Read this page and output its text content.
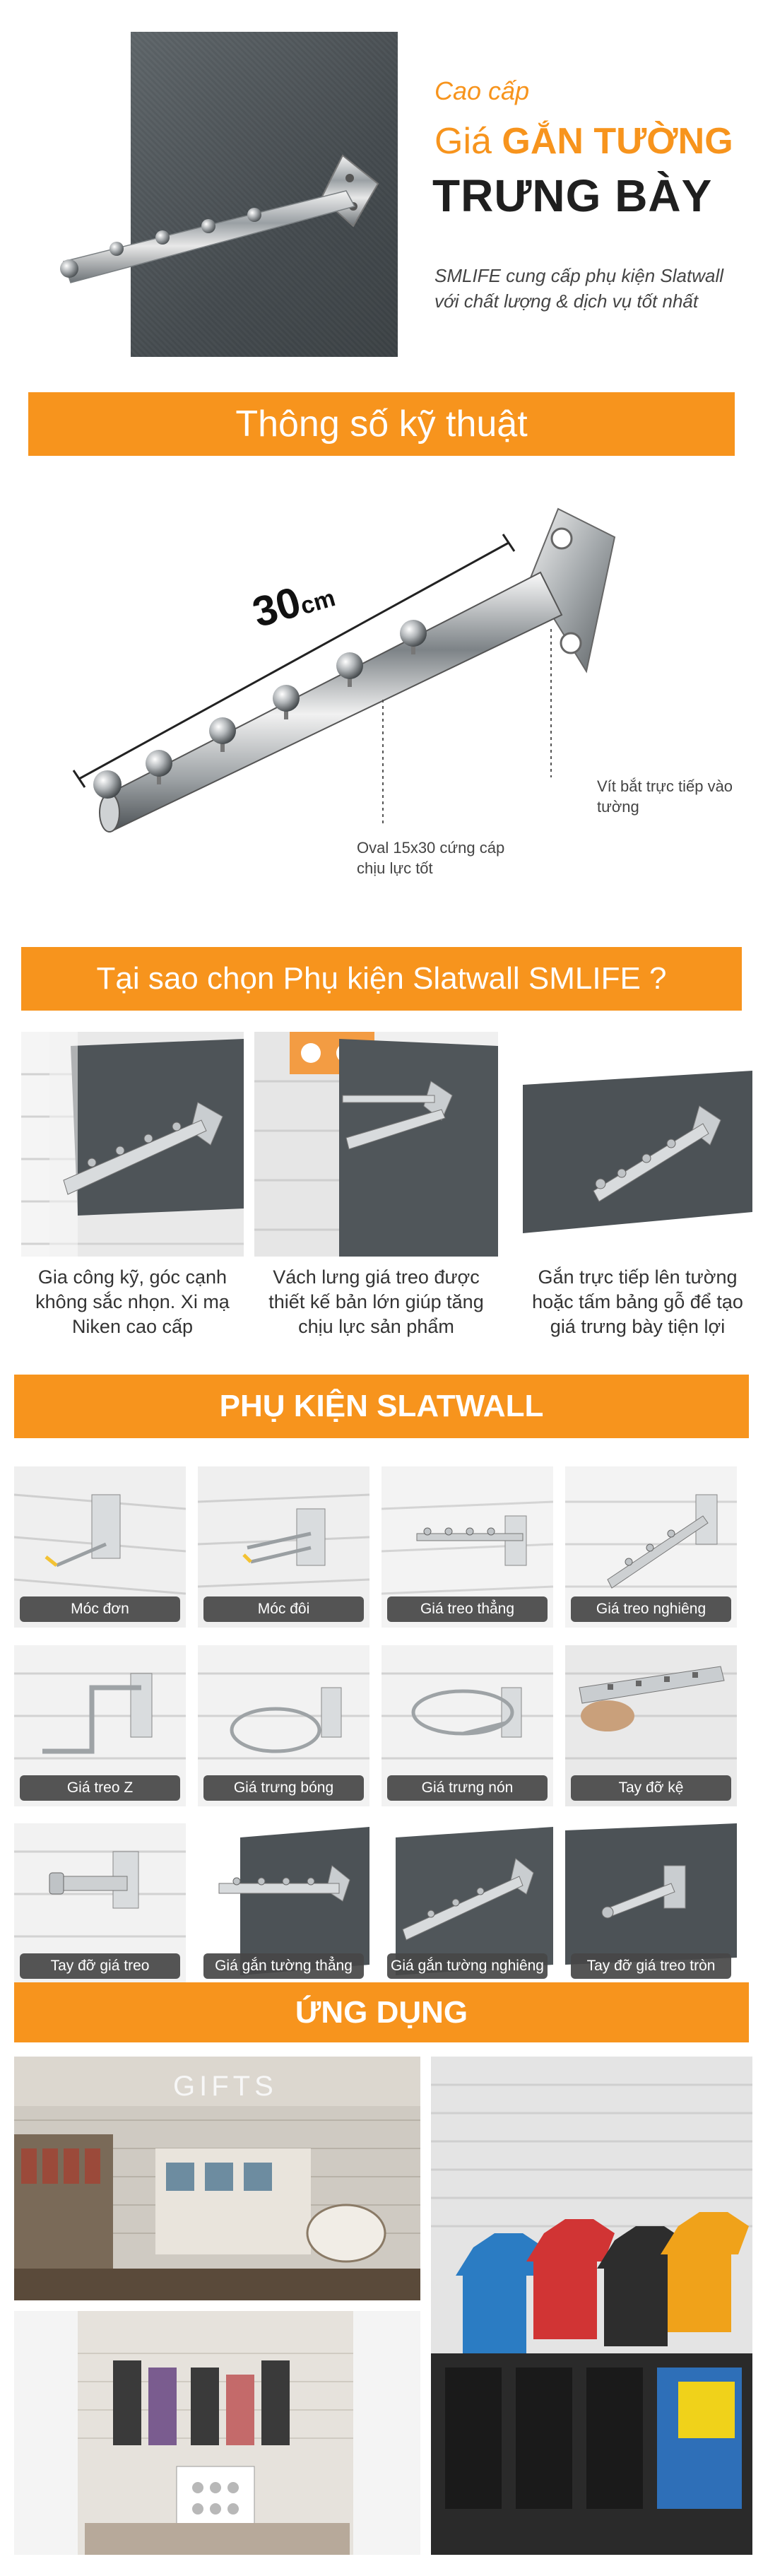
Cao cấp
Giá GẮN TƯỜNG
TRƯNG BÀY
SMLIFE cung cấp phụ kiện Slatwall với chất lượng & dịch vụ tốt nhất
Thông số kỹ thuật
30cm
Oval 15x30 cứng cáp chịu lực tốt
Vít bắt trực tiếp vào tường
Tại sao chọn Phụ kiện Slatwall SMLIFE ?
Gia công kỹ, góc cạnh không sắc nhọn. Xi mạ Niken cao cấp
Vách lưng giá treo được thiết kế bản lớn giúp tăng chịu lực sản phẩm
Gắn trực tiếp lên tường hoặc tấm bảng gỗ để tạo giá trưng bày tiện lợi
PHỤ KIỆN SLATWALL
Móc đơn	Móc đôi	Giá treo thẳng	Giá treo nghiêng
Giá treo Z	Giá trưng bóng	Giá trưng nón	Tay đỡ kệ
Tay đỡ giá treo	Giá gắn tường thẳng	Giá gắn tường nghiêng	Tay đỡ giá treo tròn
ỨNG DỤNG
GIFTS
